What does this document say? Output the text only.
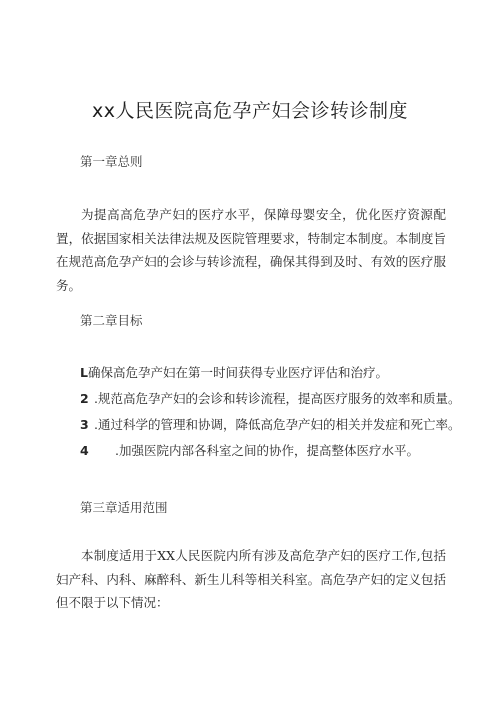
xx人民医院高危孕产妇会诊转诊制度
第一章总则
为提高高危孕产妇的医疗水平，保障母婴安全，优化医疗资源配置，依据国家相关法律法规及医院管理要求，特制定本制度。本制度旨在规范高危孕产妇的会诊与转诊流程，确保其得到及时、有效的医疗服务。
第二章目标
L确保高危孕产妇在第一时间获得专业医疗评估和治疗。
2 .规范高危孕产妇的会诊和转诊流程，提高医疗服务的效率和质量。
3 .通过科学的管理和协调，降低高危孕产妇的相关并发症和死亡率。
4 .加强医院内部各科室之间的协作，提高整体医疗水平。
第三章适用范围
本制度适用于XX人民医院内所有涉及高危孕产妇的医疗工作,包括妇产科、内科、麻醉科、新生儿科等相关科室。高危孕产妇的定义包括但不限于以下情况：
